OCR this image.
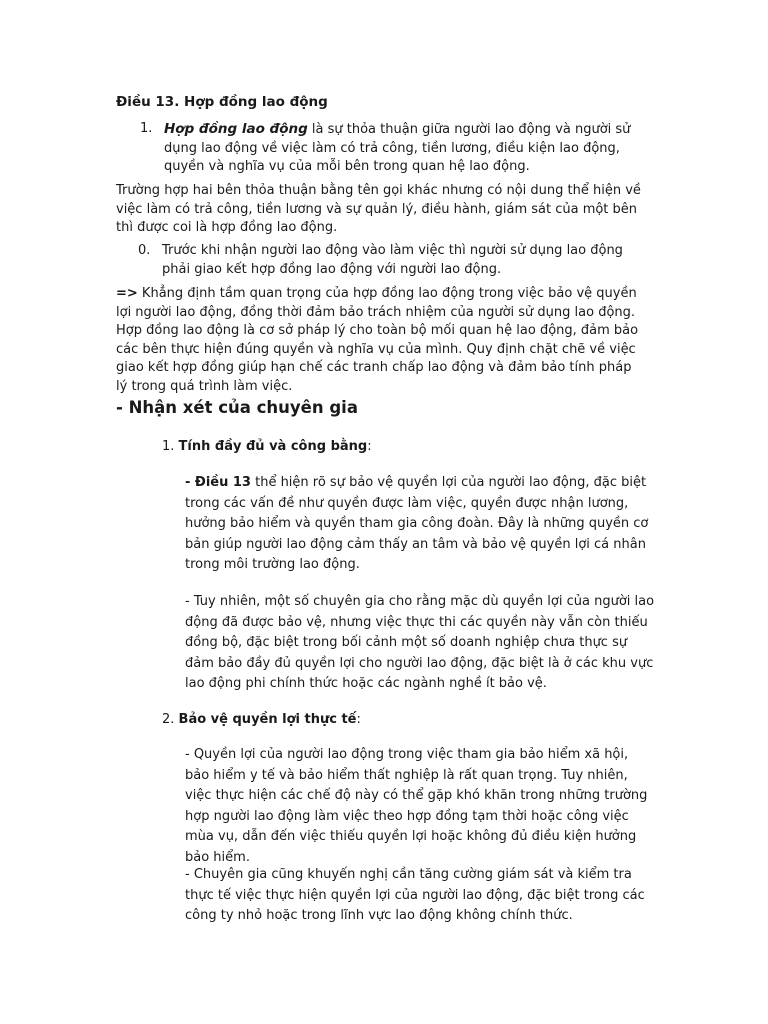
Điều 13. Hợp đồng lao động

1. Hợp đồng lao động là sự thỏa thuận giữa người lao động và người sử dụng lao động về việc làm có trả công, tiền lương, điều kiện lao động, quyền và nghĩa vụ của mỗi bên trong quan hệ lao động.

Trường hợp hai bên thỏa thuận bằng tên gọi khác nhưng có nội dung thể hiện về việc làm có trả công, tiền lương và sự quản lý, điều hành, giám sát của một bên thì được coi là hợp đồng lao động.

0. Trước khi nhận người lao động vào làm việc thì người sử dụng lao động phải giao kết hợp đồng lao động với người lao động.

=> Khẳng định tầm quan trọng của hợp đồng lao động trong việc bảo vệ quyền lợi người lao động, đồng thời đảm bảo trách nhiệm của người sử dụng lao động. Hợp đồng lao động là cơ sở pháp lý cho toàn bộ mối quan hệ lao động, đảm bảo các bên thực hiện đúng quyền và nghĩa vụ của mình. Quy định chặt chẽ về việc giao kết hợp đồng giúp hạn chế các tranh chấp lao động và đảm bảo tính pháp lý trong quá trình làm việc.

- Nhận xét của chuyên gia

1. Tính đầy đủ và công bằng:

- Điều 13 thể hiện rõ sự bảo vệ quyền lợi của người lao động, đặc biệt trong các vấn đề như quyền được làm việc, quyền được nhận lương, hưởng bảo hiểm và quyền tham gia công đoàn. Đây là những quyền cơ bản giúp người lao động cảm thấy an tâm và bảo vệ quyền lợi cá nhân trong môi trường lao động.

- Tuy nhiên, một số chuyên gia cho rằng mặc dù quyền lợi của người lao động đã được bảo vệ, nhưng việc thực thi các quyền này vẫn còn thiếu đồng bộ, đặc biệt trong bối cảnh một số doanh nghiệp chưa thực sự đảm bảo đầy đủ quyền lợi cho người lao động, đặc biệt là ở các khu vực lao động phi chính thức hoặc các ngành nghề ít bảo vệ.

2. Bảo vệ quyền lợi thực tế:

- Quyền lợi của người lao động trong việc tham gia bảo hiểm xã hội, bảo hiểm y tế và bảo hiểm thất nghiệp là rất quan trọng. Tuy nhiên, việc thực hiện các chế độ này có thể gặp khó khăn trong những trường hợp người lao động làm việc theo hợp đồng tạm thời hoặc công việc mùa vụ, dẫn đến việc thiếu quyền lợi hoặc không đủ điều kiện hưởng bảo hiểm.

- Chuyên gia cũng khuyến nghị cần tăng cường giám sát và kiểm tra thực tế việc thực hiện quyền lợi của người lao động, đặc biệt trong các công ty nhỏ hoặc trong lĩnh vực lao động không chính thức.
